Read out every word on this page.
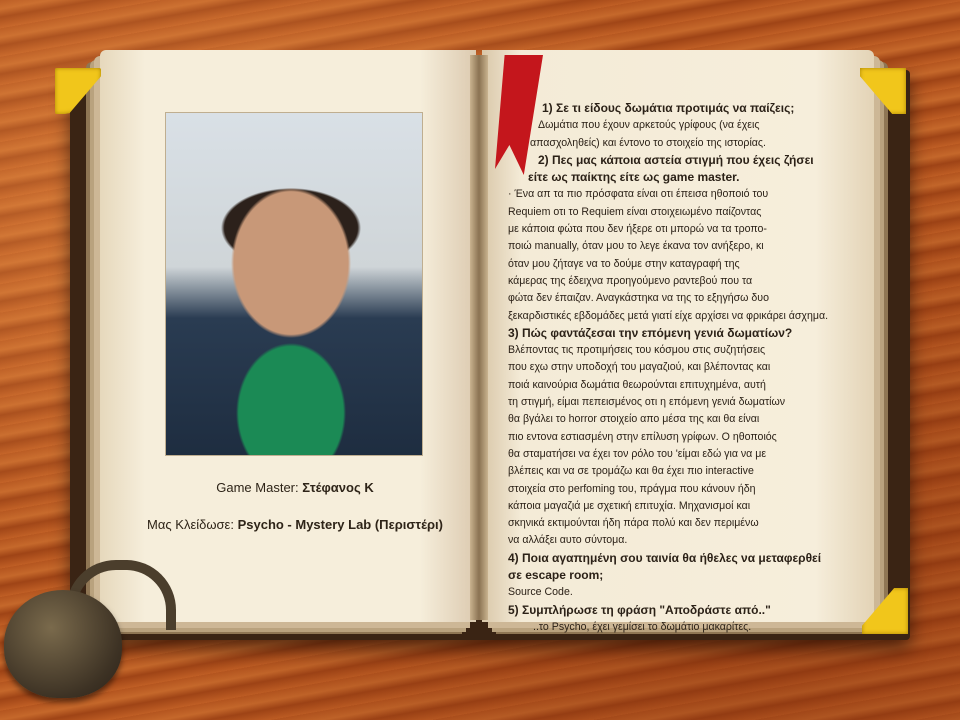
Game Master: Στέφανος Κ
Μας Κλείδωσε: Psycho - Mystery Lab (Περιστέρι)
1) Σε τι είδους δωμάτια προτιμάς να παίζεις;
Δωμάτια που έχουν αρκετούς γρίφους (να έχεις
απασχοληθείς) και έντονο το στοιχείο της ιστορίας.
2) Πες μας κάποια αστεία στιγμή που έχεις ζήσει
είτε ως παίκτης είτε ως game master.
· Ένα απ τα πιο πρόσφατα είναι οτι έπεισα ηθοποιό του
Requiem οτι το Requiem είναι στοιχειωμένο παίζοντας
με κάποια φώτα που δεν ήξερε οτι μπορώ να τα τροπο-
ποιώ manually, όταν μου το λεγε έκανα τον ανήξερο, κι
όταν μου ζήταγε να το δούμε στην καταγραφή της
κάμερας της έδειχνα προηγούμενο ραντεβού που τα
φώτα δεν έπαιζαν. Αναγκάστηκα να της το εξηγήσω δυο
ξεκαρδιστικές εβδομάδες μετά γιατί είχε αρχίσει να φρικάρει άσχημα.
3) Πώς φαντάζεσαι την επόμενη γενιά δωματίων?
Βλέποντας τις προτιμήσεις του κόσμου στις συζητήσεις
που εχω στην υποδοχή του μαγαζιού, και βλέποντας και
ποιά καινούρια δωμάτια θεωρούνται επιτυχημένα, αυτή
τη στιγμή, είμαι πεπεισμένος οτι η επόμενη γενιά δωματίων
θα βγάλει το horror στοιχείο απο μέσα της και θα είναι
πιο εντονα εστιασμένη στην επίλυση γρίφων. Ο ηθοποιός
θα σταματήσει να έχει τον ρόλο του 'είμαι εδώ για να με
βλέπεις και να σε τρομάζω και θα έχει πιο interactive
στοιχεία στο perfoming του, πράγμα που κάνουν ήδη
κάποια μαγαζιά με σχετική επιτυχία. Μηχανισμοί και
σκηνικά εκτιμούνται ήδη πάρα πολύ και δεν περιμένω
να αλλάξει αυτο σύντομα.
4) Ποια αγαπημένη σου ταινία θα ήθελες να μεταφερθεί
σε escape room;
Source Code.
5) Συμπλήρωσε τη φράση "Αποδράστε από.."
..το Psycho, έχει γεμίσει το δωμάτιο μακαρίτες.
